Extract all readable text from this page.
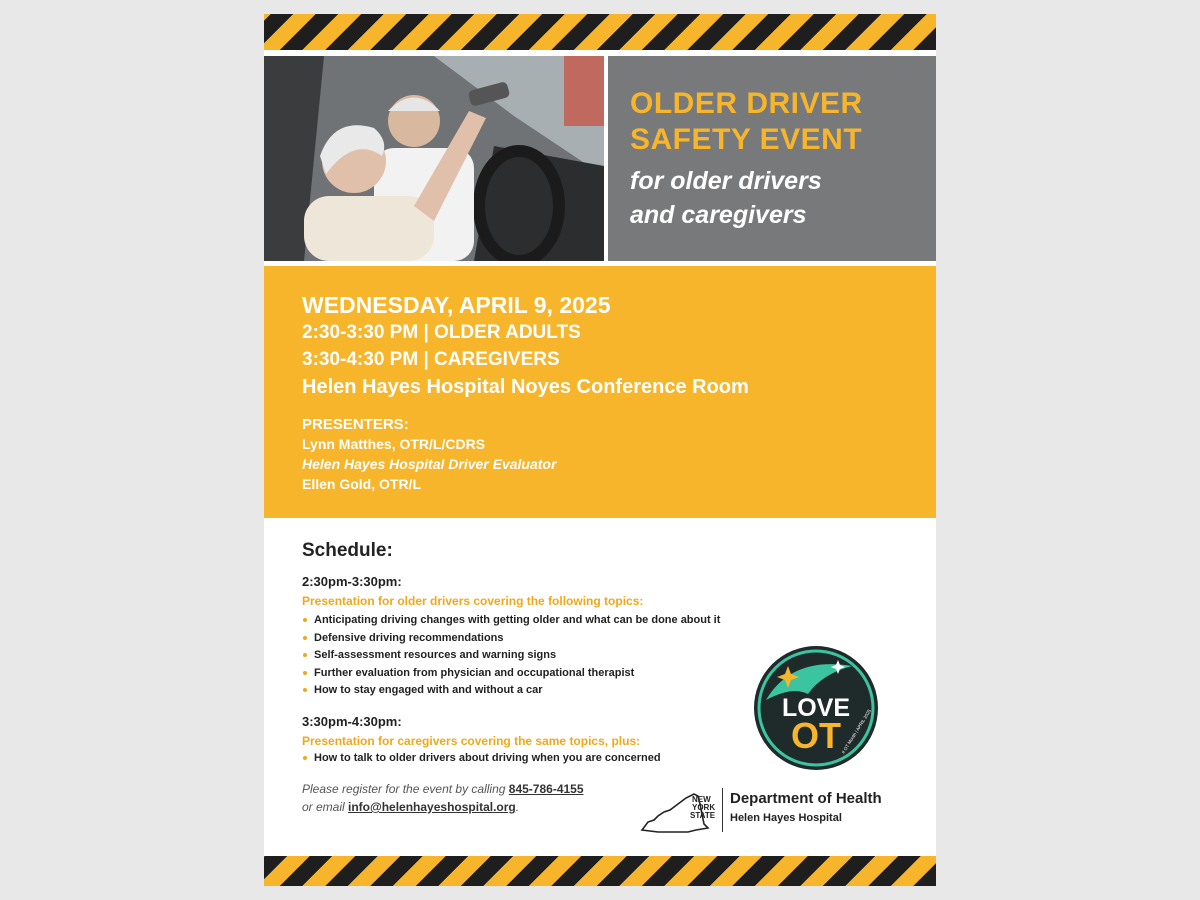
OLDER DRIVER
SAFETY EVENT
for older drivers
and caregivers
WEDNESDAY, APRIL 9, 2025
2:30-3:30 PM | OLDER ADULTS
3:30-4:30 PM | CAREGIVERS
Helen Hayes Hospital Noyes Conference Room
PRESENTERS:
Lynn Matthes, OTR/L/CDRS
Helen Hayes Hospital Driver Evaluator
Ellen Gold, OTR/L
Schedule:
2:30pm-3:30pm:
Presentation for older drivers covering the following topics:
Anticipating driving changes with getting older and what can be done about it
Defensive driving recommendations
Self-assessment resources and warning signs
Further evaluation from physician and occupational therapist
How to stay engaged with and without a car
3:30pm-4:30pm:
Presentation for caregivers covering the same topics, plus:
How to talk to older drivers about driving when you are concerned
Please register for the event by calling 845-786-4155
or email info@helenhayeshospital.org.
LOVE
OT # OT Month | APRIL 2025
NEW
YORK
STATE
Department of Health
Helen Hayes Hospital
